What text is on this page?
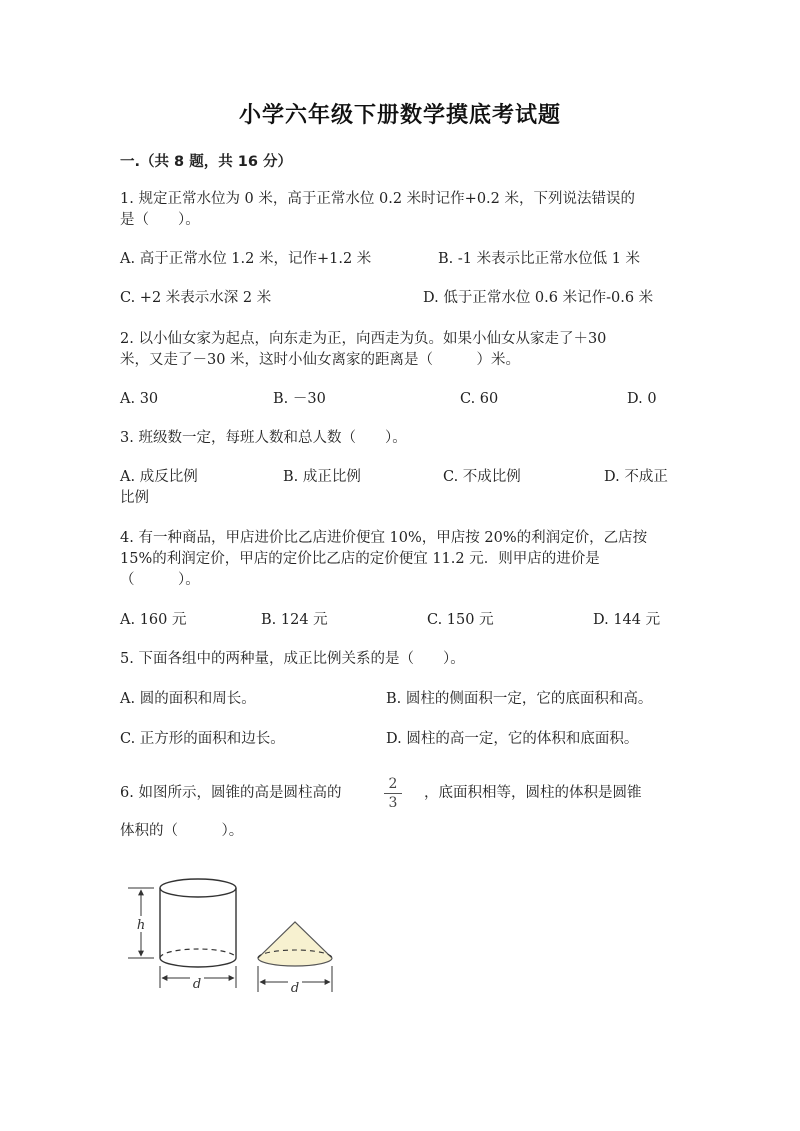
小学六年级下册数学摸底考试题
一.（共 8 题，共 16 分）
1. 规定正常水位为 0 米，高于正常水位 0.2 米时记作+0.2 米，下列说法错误的
是（　　）。
A. 高于正常水位 1.2 米，记作+1.2 米	B. -1 米表示比正常水位低 1 米
C. +2 米表示水深 2 米	D. 低于正常水位 0.6 米记作-0.6 米
2. 以小仙女家为起点，向东走为正，向西走为负。如果小仙女从家走了＋30
米，又走了－30 米，这时小仙女离家的距离是（　　　）米。
A. 30	B. －30	C. 60	D. 0
3. 班级数一定，每班人数和总人数（　　）。
A. 成反比例	B. 成正比例	C. 不成比例	D. 不成正
比例
4. 有一种商品，甲店进价比乙店进价便宜 10%，甲店按 20%的利润定价，乙店按
15%的利润定价，甲店的定价比乙店的定价便宜 11.2 元．则甲店的进价是
（　　　）。
A. 160 元	B. 124 元	C. 150 元	D. 144 元
5. 下面各组中的两种量，成正比例关系的是（　　）。
A. 圆的面积和周长。	B. 圆柱的侧面积一定，它的底面积和高。
C. 正方形的面积和边长。	D. 圆柱的高一定，它的体积和底面积。
6. 如图所示，圆锥的高是圆柱高的
2
3
，底面积相等，圆柱的体积是圆锥
体积的（　　　）。
h
d	d
